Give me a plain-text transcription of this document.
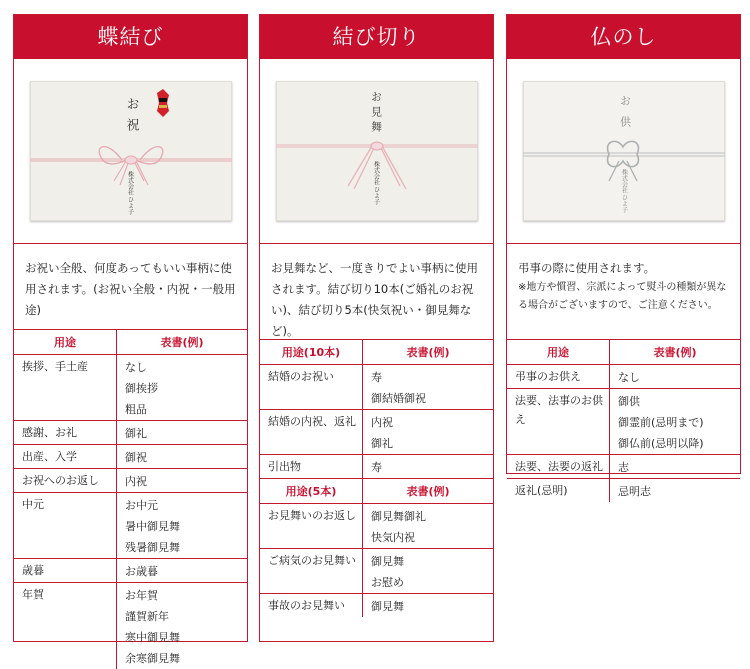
蝶結び
お祝
株式会社 ひよ子
お祝い全般、何度あってもいい事柄に使用されます。(お祝い全般・内祝・一般用途)
用途	表書(例)
挨拶、手土産	なし
御挨拶
粗品

感謝、お礼	御礼

出産、入学	御祝

お祝へのお返し	内祝

中元	お中元
暑中御見舞
残暑御見舞

歳暮	お歳暮

年賀	お年賀
謹賀新年
寒中御見舞
余寒御見舞
結び切り
お見舞
株式会社 ひよ子
お見舞など、一度きりでよい事柄に使用されます。結び切り10本(ご婚礼のお祝い)、結び切り5本(快気祝い・御見舞など)。
用途(10本)	表書(例)
結婚のお祝い	寿
御結婚御祝

結婚の内祝、返礼	内祝
御礼

引出物	寿
用途(5本)	表書(例)
お見舞いのお返し	御見舞御礼
快気内祝

ご病気のお見舞い	御見舞
お慰め

事故のお見舞い	御見舞
仏のし
お供
株式会社 ひよ子
弔事の際に使用されます。
※地方や慣習、宗派によって熨斗の種類が異なる場合がございますので、ご注意ください。
用途	表書(例)
弔事のお供え	なし

法要、法事のお供え	御供
御霊前(忌明まで)
御仏前(忌明以降)

法要、法要の返礼	志

返礼(忌明)	忌明志
